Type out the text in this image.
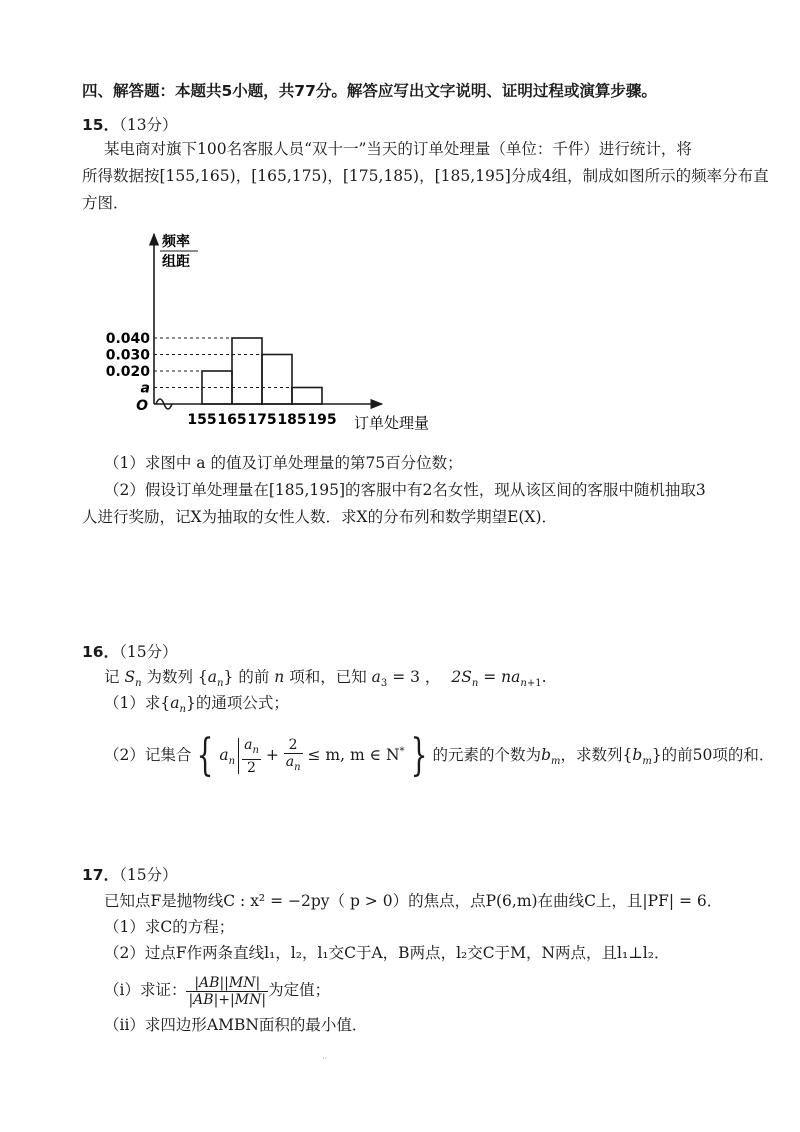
四、解答题：本题共5小题，共77分。解答应写出文字说明、证明过程或演算步骤。
15．（13分）
某电商对旗下100名客服人员“双十一”当天的订单处理量（单位：千件）进行统计，将
所得数据按[155,165)，[165,175)，[175,185)，[185,195]分成4组，制成如图所示的频率分布直
方图．
频率
组距
订单处理量
0.040
0.030
0.020
a
O
155 165 175 185 195
（1）求图中 a 的值及订单处理量的第75百分位数；
（2）假设订单处理量在[185,195]的客服中有2名女性，现从该区间的客服中随机抽取3
人进行奖励，记X为抽取的女性人数．求X的分布列和数学期望E(X)．
16．（15分）
记 $S_n$ 为数列 $\{a_n\}$ 的前 n 项和，已知 $a_3 = 3$ ， $2S_n = na_{n+1}$.
（1）求$\{a_n\}$的通项公式；
（2）记集合 { $a_n \frac{a_n}{2} + \frac{2}{a_n} \le m$, m ∈ N* } 的元素的个数为$b_m$，求数列$\{b_m\}$的前50项的和．
17．（15分）
已知点F是抛物线C : x² = −2py（ p > 0）的焦点，点P(6,m)在曲线C上，且|PF| = 6．
（1）求C的方程；
（2）过点F作两条直线l₁，l₂，l₁交C于A，B两点，l₂交C于M，N两点，且l₁⊥l₂．
（i）求证： $\frac{|AB||MN|}{|AB|+|MN|}$ 为定值；
（ii）求四边形AMBN面积的最小值．
··
